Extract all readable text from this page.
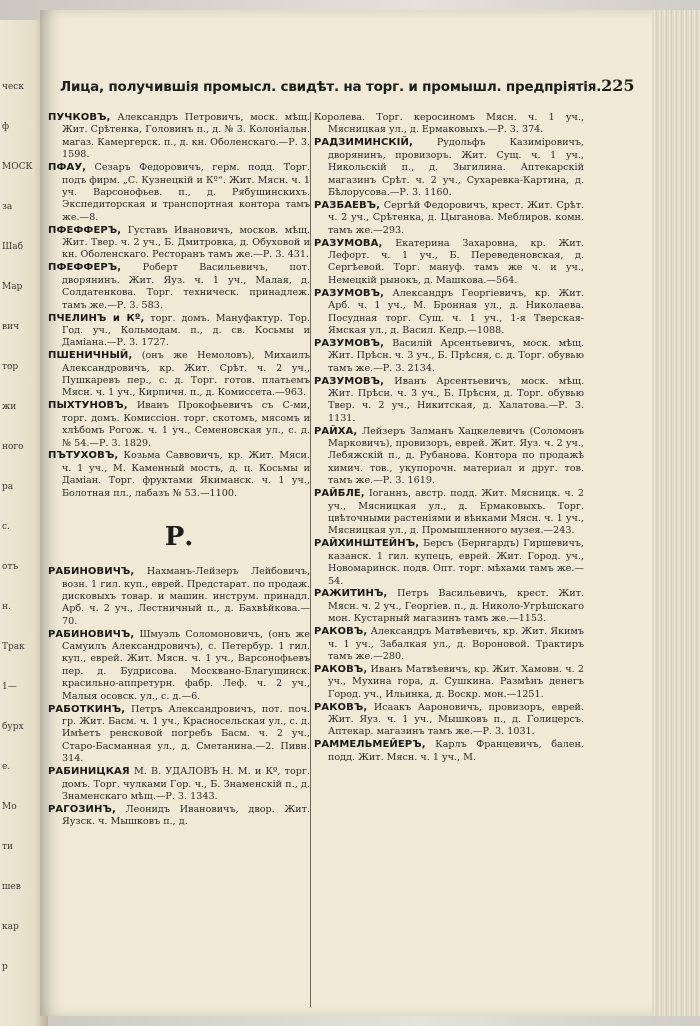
ческ
ф
МОСК
за
Шаб
Мар
вич
тор
жи
ного
ра
с.
отъ
н.
Трак
1—
бурх
е.
Мо
ти
шев
кар
р
Лица, получившія промысл. свидѣт. на торг. и промышл. предпріятія. 225

ПУЧКОВЪ, Александръ Петровичъ, моск. мѣщ. Жит. Срѣтенка, Головинъ п., д. № 3. Колоніальн. магаз. Камергерск. п., д. кн. Оболенскаго.—Р. 3. 1598.

ПФАУ, Сезаръ Федоровичъ, герм. подд. Торг. подъ фирм. „С. Кузнецкій и Кº“. Жит. Мясн. ч. 1 уч. Варсонофьев. п., д. Рябушинскихъ. Экспедиторская и транспортная контора тамъ же.—8.

ПФЕФФЕРЪ, Густавъ Ивановичъ, москов. мѣщ. Жит. Твер. ч. 2 уч., Б. Дмитровка, д. Обуховой и кн. Оболенскаго. Ресторанъ тамъ же.—Р. 3. 431.

ПФЕФФЕРЪ, Роберт Васильевичъ, пот. дворянинъ. Жит. Яуз. ч. 1 уч., Малая, д. Солдатенкова. Торг. техническ. принадлеж. тамъ же.—Р. 3. 583.

ПЧЕЛИНЪ и Кº, торг. домъ. Мануфактур. Тор. Год. уч., Кольмодам. п., д. св. Косьмы и Даміана.—Р. 3. 1727.

ПШЕНИЧНЫЙ, (онъ же Немоловъ), Михаилъ Александровичъ, кр. Жит. Срѣт. ч. 2 уч., Пушкаревъ пер., с. д. Торг. готов. платьемъ Мясн. ч. 1 уч., Кирпичн. п., д. Комиссета.—963.

ПЫХТУНОВЪ, Иванъ Прокофьевичъ съ С-ми, торг. домъ. Комиссіон. торг. скотомъ, мясомъ и хлѣбомъ Рогож. ч. 1 уч., Семеновская ул., с. д. № 54.—Р. 3. 1829.

ПЪТУХОВЪ, Козьма Саввовичъ, кр. Жит. Мяси. ч. 1 уч., М. Каменный мостъ, д. ц. Косьмы и Даміан. Торг. фруктами Якиманск. ч. 1 уч., Болотная пл., лабазъ № 53.—1100.

Р.

РАБИНОВИЧЪ, Нахманъ-Лейзеръ Лейбовичъ, возн. 1 гил. куп., еврей. Предстарат. по продаж. дисковыхъ товар. и машин. инструм. принадл. Арб. ч. 2 уч., Лестничный п., д. Бахвѣйкова.—70.

РАБИНОВИЧЪ, Шмуэль Соломоновичъ, (онъ же Самуилъ Александровичъ), с. Петербур. 1 гил. куп., еврей. Жит. Мясн. ч. 1 уч., Варсонофьевъ пер. д. Будрисова. Москвано-Благущинск. красильно-аппретурн. фабр. Леф. ч. 2 уч., Малыя осовск. ул., с. д.—6.

РАБОТКИНЪ, Петръ Александровичъ, пот. поч. гр. Жит. Басм. ч. 1 уч., Красносельская ул., с. д. Имѣетъ ренсковой погребъ Басм. ч. 2 уч., Старо-Басманная ул., д. Сметанина.—2. Пивн. 314.

РАБИНИЦКАЯ М. В. УДАЛОВЪ Н. М. и Кº, торг. домъ. Торг. чулками Гор. ч., Б. Знаменскій п., д. Знаменскаго мѣщ.—Р. 3. 1343.

РАГОЗИНЪ, Леонидъ Ивановичъ, двор. Жит. Яузск. ч. Мышковъ п., д.

Королева. Торг. керосиномъ Мясн. ч. 1 уч., Мясницкая ул., д. Ермаковыхъ.—Р. 3. 374.

РАДЗИМИНСКІЙ, Рудольфъ Казиміровичъ, дворянинъ, провизоръ. Жит. Сущ. ч. 1 уч., Никольскій п., д. Зыгилина. Аптекарскій магазинъ Срѣт. ч. 2 уч., Сухаревка-Картина, д. Бѣлорусова.—Р. 3. 1160.

РАЗБАЕВЪ, Сергѣй Федоровичъ, крест. Жит. Срѣт. ч. 2 уч., Срѣтенка, д. Цыганова. Меблиров. комн. тамъ же.—293.

РАЗУМОВА, Екатерина Захаровна, кр. Жит. Лефорт. ч. 1 уч., Б. Переведеновская, д. Сергѣевой. Торг. мануф. тамъ же ч. и уч., Немецкій рынокъ, д. Машкова.—564.

РАЗУМОВЪ, Александръ Георгіевичъ, кр. Жит. Арб. ч. 1 уч., М. Бронная ул., д. Николаева. Посудная торг. Сущ. ч. 1 уч., 1-я Тверская-Ямская ул., д. Васил. Кедр.—1088.

РАЗУМОВЪ, Василій Арсентьевичъ, моск. мѣщ. Жит. Прѣсн. ч. 3 уч., Б. Прѣсня, с. д. Торг. обувью тамъ же.—Р. 3. 2134.

РАЗУМОВЪ, Иванъ Арсентьевичъ, моск. мѣщ. Жит. Прѣсн. ч. 3 уч., Б. Прѣсня, д. Торг. обувью Твер. ч. 2 уч., Никитская, д. Халатова.—Р. 3. 1131.

РАЙХА, Лейзеръ Залманъ Хацкелевичъ (Соломонъ Марковичъ), провизоръ, еврей. Жит. Яуз. ч. 2 уч., Лебяжскій п., д. Рубанова. Контора по продажѣ химич. тов., укупорочн. материал и друг. тов. тамъ же.—Р. 3. 1619.

РАЙБЛЕ, Іоганнъ, австр. подд. Жит. Мясницк. ч. 2 уч., Мясницкая ул., д. Ермаковыхъ. Торг. цвѣточными растеніями и вѣнками Мясн. ч. 1 уч., Мясницкая ул., д. Промышленного музея.—243.

РАЙХИНШТЕЙНЪ, Берсъ (Бернгардъ) Гиршевичъ, казанск. 1 гил. купецъ, еврей. Жит. Город. уч., Новомаринск. подв. Опт. торг. мѣхами тамъ же.—54.

РАЖИТИНЪ, Петръ Васильевичъ, крест. Жит. Мясн. ч. 2 уч., Георгіев. п., д. Николо-Угрѣшскаго мон. Кустарный магазинъ тамъ же.—1153.

РАКОВЪ, Александръ Матвѣевичъ, кр. Жит. Якимъ ч. 1 уч., Забалкая ул., д. Вороновой. Трактиръ тамъ же.—280.

РАКОВЪ, Иванъ Матвѣевичъ, кр. Жит. Хамовн. ч. 2 уч., Мухина гора, д. Сушкина. Размѣнъ денегъ Город. уч., Ильинка, д. Воскр. мон.—1251.

РАКОВЪ, Исаакъ Аароновичъ, провизоръ, еврей. Жит. Яуз. ч. 1 уч., Мышковъ п., д. Голицерсъ. Аптекар. магазинъ тамъ же.—Р. 3. 1031.

РАММЕЛЬМЕЙЕРЪ, Карлъ Францевичъ, бален. подд. Жит. Мясн. ч. 1 уч., М.
